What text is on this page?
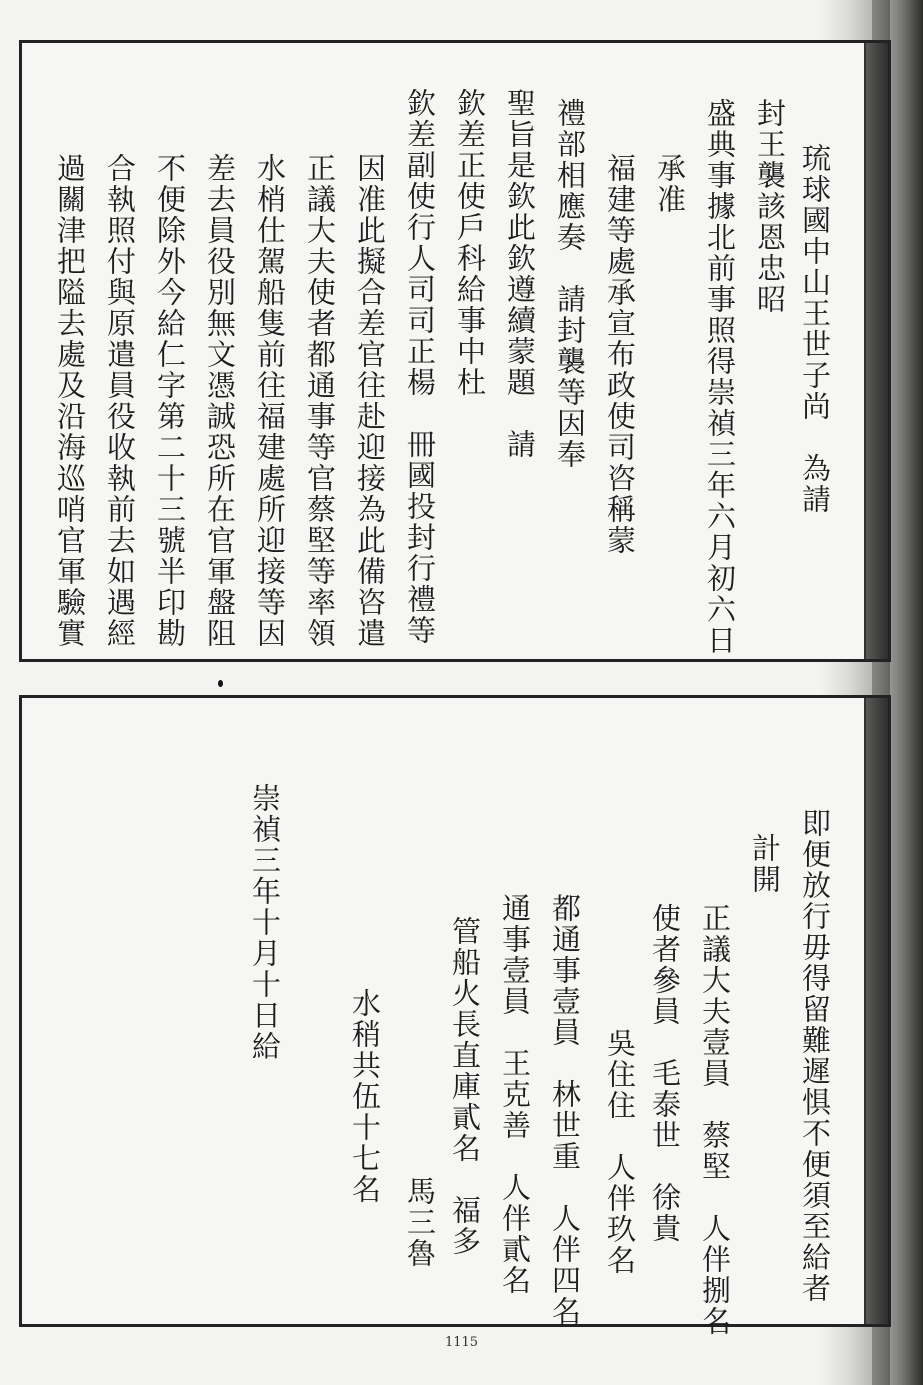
琉球國中山王世子尚　為請
封王襲該恩忠昭
盛典事據北前事照得崇禎三年六月初六日
承准
福建等處承宣布政使司咨稱蒙
禮部相應奏　請封襲等因奉
聖旨是欽此欽遵續蒙題　請
欽差正使戶科給事中杜
欽差副使行人司司正楊　冊國投封行禮等
因准此擬合差官往赴迎接為此備咨遣
正議大夫使者都通事等官蔡堅等率領
水梢仕駕船隻前往福建處所迎接等因
差去員役別無文憑誠恐所在官軍盤阻
不便除外今給仁字第二十三號半印勘
合執照付與原遣員役收執前去如遇經
過關津把隘去處及沿海巡哨官軍驗實
即便放行毋得留難遲惧不便須至給者
計開
正議大夫壹員　蔡堅　人伴捌名
使者參員　毛泰世　徐貴
吳住住　人伴玖名
都通事壹員　林世重　人伴四名
通事壹員　王克善　人伴貳名
管船火長直庫貳名　福多
馬三魯
水稍共伍十七名
崇禎三年十月十日給
1115
